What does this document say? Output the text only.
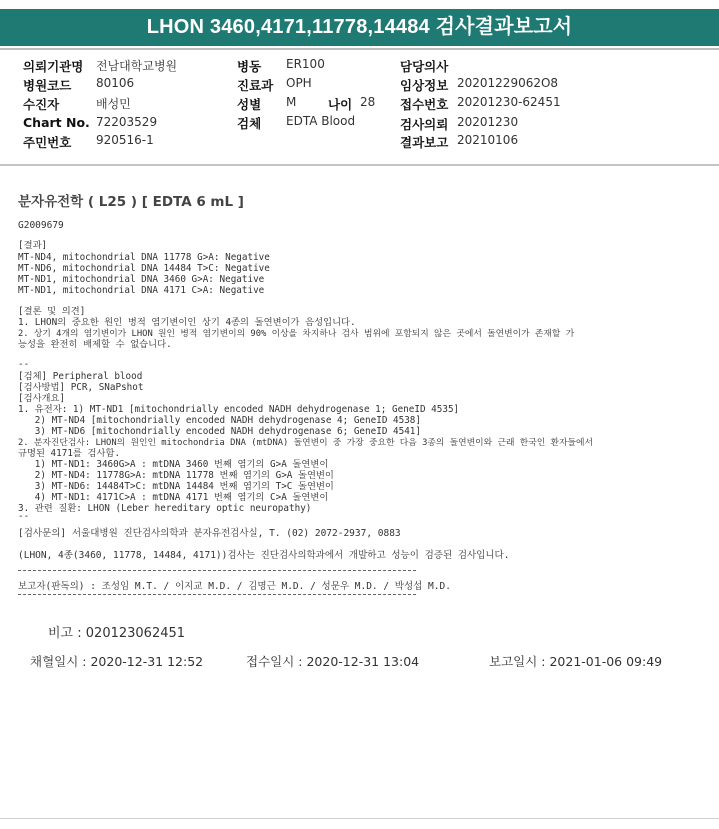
LHON 3460,4171,11778,14484 검사결과보고서
의뢰기관명 전남대학교병원
병원코드 80106
수진자	배성민
Chart No. 72203529
주민번호 920516-1
병동 ER100
진료과 OPH
성별 M	나이 28
검체 EDTA Blood
담당의사
임상정보 20201229062O8
접수번호 20201230-62451
검사의뢰 20201230
결과보고 20210106
분자유전학 ( L25 ) [ EDTA 6 mL ]
G2009679
[결과]
MT-ND4, mitochondrial DNA 11778 G>A: Negative
MT-ND6, mitochondrial DNA 14484 T>C: Negative
MT-ND1, mitochondrial DNA 3460 G>A: Negative
MT-ND1, mitochondrial DNA 4171 C>A: Negative
[결론 및 의견]
1. LHON의 중요한 원인 병적 염기변이인 상기 4종의 돌연변이가 음성입니다.
2. 상기 4개의 염기변이가 LHON 원인 병적 염기변이의 90% 이상을 차지하나 검사 범위에 포함되지 않은 곳에서 돌연변이가 존재할 가
능성을 완전히 배제할 수 없습니다.
--
[검체] Peripheral blood
[검사방법] PCR, SNaPshot
[검사개요]
1. 유전자: 1) MT-ND1 [mitochondrially encoded NADH dehydrogenase 1; GeneID 4535]
2) MT-ND4 [mitochondrially encoded NADH dehydrogenase 4; GeneID 4538]
3) MT-ND6 [mitochondrially encoded NADH dehydrogenase 6; GeneID 4541]
2. 분자진단검사: LHON의 원인인 mitochondria DNA (mtDNA) 돌연변이 중 가장 중요한 다음 3종의 돌연변이와 근래 한국인 환자들에서
규명된 4171를 검사함.
1) MT-ND1: 3460G>A : mtDNA 3460 번째 염기의 G>A 돌연변이
2) MT-ND4: 11778G>A: mtDNA 11778 번째 염기의 G>A 돌연변이
3) MT-ND6: 14484T>C: mtDNA 14484 번째 염기의 T>C 돌연변이
4) MT-ND1: 4171C>A : mtDNA 4171 번째 염기의 C>A 돌연변이
3. 관련 질환: LHON (Leber hereditary optic neuropathy)
--
[검사문의] 서울대병원 진단검사의학과 분자유전검사실, T. (02) 2072-2937, 0883
(LHON, 4종(3460, 11778, 14484, 4171))검사는 진단검사의학과에서 개발하고 성능이 검증된 검사입니다.
보고자(판독의) : 조성임 M.T. / 이지교 M.D. / 김명근 M.D. / 성문우 M.D. / 박성섭 M.D.
비고 : 020123062451
채혈일시 : 2020-12-31 12:52	접수일시 : 2020-12-31 13:04	보고일시 : 2021-01-06 09:49
